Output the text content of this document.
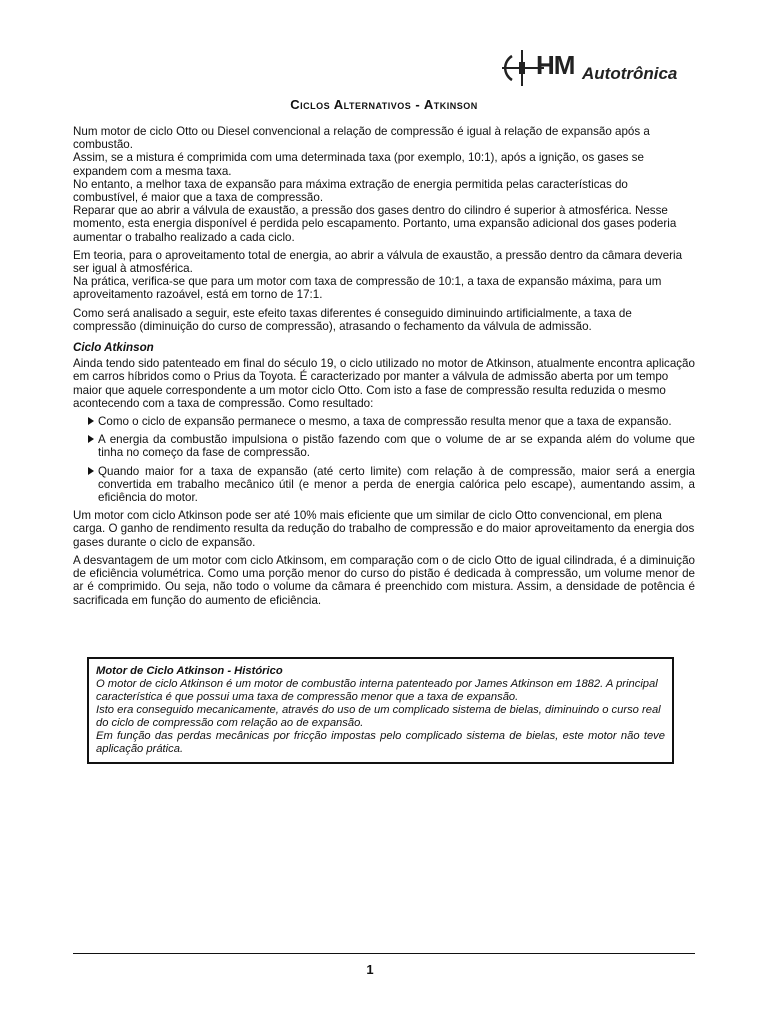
HM Autotrônica
Ciclos Alternativos - Atkinson

Num motor de ciclo Otto ou Diesel convencional a relação de compressão é igual à relação de expansão após a combustão.

Assim, se a mistura é comprimida com uma determinada taxa (por exemplo, 10:1), após a ignição, os gases se expandem com a mesma taxa.

No entanto, a melhor taxa de expansão para máxima extração de energia permitida pelas características do combustível, é maior que a taxa de compressão.

Reparar que ao abrir a válvula de exaustão, a pressão dos gases dentro do cilindro é superior à atmosférica. Nesse momento, esta energia disponível é perdida pelo escapamento. Portanto, uma expansão adicional dos gases poderia aumentar o trabalho realizado a cada ciclo.

Em teoria, para o aproveitamento total de energia, ao abrir a válvula de exaustão, a pressão dentro da câmara deveria ser igual à atmosférica.

Na prática, verifica-se que para um motor com taxa de compressão de 10:1, a taxa de expansão máxima, para um aproveitamento razoável, está em torno de 17:1.

Como será analisado a seguir, este efeito taxas diferentes é conseguido diminuindo artificialmente, a taxa de compressão (diminuição do curso de compressão), atrasando o fechamento da válvula de admissão.

Ciclo Atkinson

Ainda tendo sido patenteado em final do século 19, o ciclo utilizado no motor de Atkinson, atualmente encontra aplicação em carros híbridos como o Prius da Toyota. É caracterizado por manter a válvula de admissão aberta por um tempo maior que aquele correspondente a um motor ciclo Otto. Com isto a fase de compressão resulta reduzida o mesmo acontecendo com a taxa de compressão. Como resultado:

Como o ciclo de expansão permanece o mesmo, a taxa de compressão resulta menor que a taxa de expansão.
A energia da combustão impulsiona o pistão fazendo com que o volume de ar se expanda além do volume que tinha no começo da fase de compressão.
Quando maior for a taxa de expansão (até certo limite) com relação à de compressão, maior será a energia convertida em trabalho mecânico útil (e menor a perda de energia calórica pelo escape), aumentando assim, a eficiência do motor.

Um motor com ciclo Atkinson pode ser até 10% mais eficiente que um similar de ciclo Otto convencional, em plena carga. O ganho de rendimento resulta da redução do trabalho de compressão e do maior aproveitamento da energia dos gases durante o ciclo de expansão.

A desvantagem de um motor com ciclo Atkinsom, em comparação com o de ciclo Otto de igual cilindrada, é a diminuição de eficiência volumétrica. Como uma porção menor do curso do pistão é dedicada à compressão, um volume menor de ar é comprimido. Ou seja, não todo o volume da câmara é preenchido com mistura. Assim, a densidade de potência é sacrificada em função do aumento de eficiência.

Motor de Ciclo Atkinson - Histórico
O motor de ciclo Atkinson é um motor de combustão interna patenteado por James Atkinson em 1882. A principal característica é que possui uma taxa de compressão menor que a taxa de expansão.
Isto era conseguido mecanicamente, através do uso de um complicado sistema de bielas, diminuindo o curso real do ciclo de compressão com relação ao de expansão.
Em função das perdas mecânicas por fricção impostas pelo complicado sistema de bielas, este motor não teve aplicação prática.
1
